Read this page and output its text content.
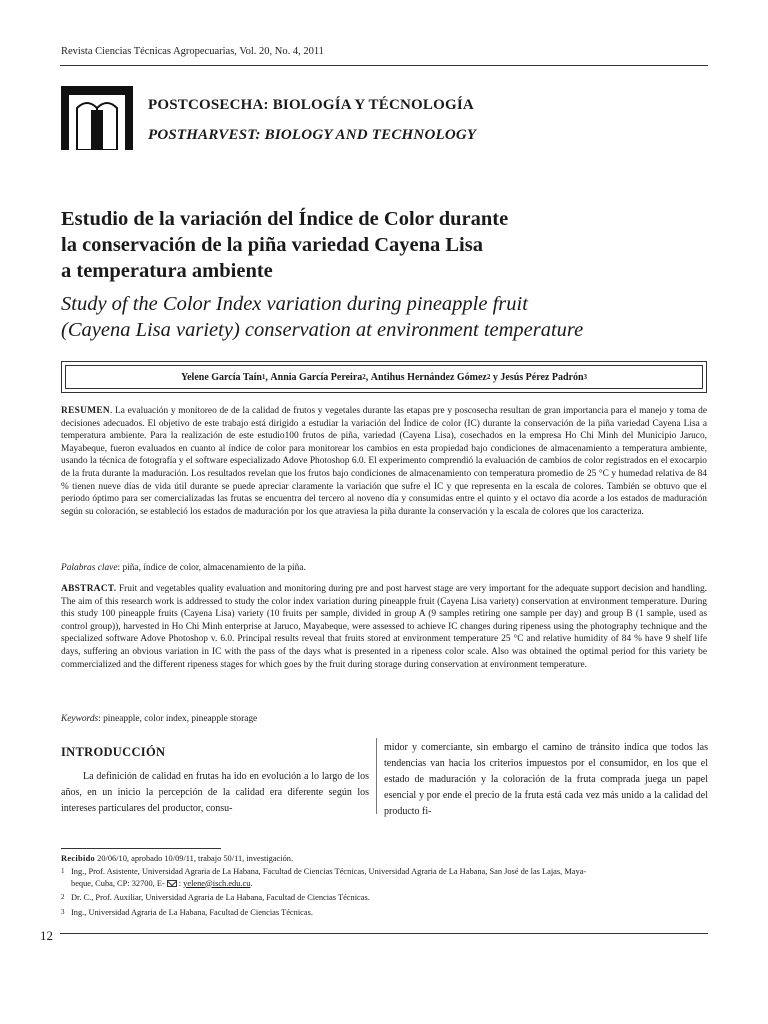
Revista Ciencias Técnicas Agropecuarias, Vol. 20, No. 4, 2011
POSTCOSECHA: BIOLOGÍA Y TÉCNOLOGÍA
POSTHARVEST: BIOLOGY AND TECHNOLOGY
Estudio de la variación del Índice de Color durante
la conservación de la piña variedad Cayena Lisa
a temperatura ambiente
Study of the Color Index variation during pineapple fruit
(Cayena Lisa variety) conservation at environment temperature
Yelene García Taín 1 , Annia García Pereira 2 , Antihus Hernández Gómez 2
y
Jesús Pérez Padrón 3
RESUMEN. La evaluación y monitoreo de de la calidad de frutos y vegetales durante las etapas pre y poscosecha resultan de gran importancia para el manejo y toma de decisiones adecuados. El objetivo de este trabajo está dirigido a estudiar la variación del Índice de color (IC) durante la conservación de la piña variedad Cayena Lisa a temperatura ambiente. Para la realización de este estudio100 frutos de piña, variedad (Cayena Lisa), cosechados en la empresa Ho Chi Minh del Municipio Jaruco, Mayabeque, fueron evaluados en cuanto al índice de color para monitorear los cambios en esta propiedad bajo condiciones de almacenamiento a temperatura ambiente, usando la técnica de fotografía y el software especializado Adove Photoshop 6.0. El experimento comprendió la evaluación de cambios de color registrados en el exocarpio de la fruta durante la maduración. Los resultados revelan que los frutos bajo condiciones de almacenamiento con temperatura promedio de 25 °C y humedad relativa de 84 % tienen nueve días de vida útil durante se puede apreciar claramente la variación que sufre el IC y que representa en la escala de colores. También se obtuvo que el período óptimo para ser comercializadas las frutas se encuentra del tercero al noveno día y consumidas entre el quinto y el octavo día acorde a los estados de maduración según su coloración, se estableció los estados de maduración por los que atraviesa la piña durante la conservación y la escala de colores que los caracteriza.
Palabras clave: piña, índice de color, almacenamiento de la piña.
ABSTRACT. Fruit and vegetables quality evaluation and monitoring during pre and post harvest stage are very important for the adequate support decision and handling. The aim of this research work is addressed to study the color index variation during pineapple fruit (Cayena Lisa variety) conservation at environment temperature. During this study 100 pineapple fruits (Cayena Lisa) variety (10 fruits per sample, divided in group A (9 samples retiring one sample per day) and group B (1 sample, used as control group)), harvested in Ho Chi Minh enterprise at Jaruco, Mayabeque, were assessed to achieve IC changes during ripeness using the photography technique and the specialized software Adove Photoshop v. 6.0. Principal results reveal that fruits stored at environment temperature 25 °C and relative humidity of 84 % have 9 shelf life days, suffering an obvious variation in IC with the pass of the days what is presented in a ripeness color scale. Also was obtained the optimal period for this variety be commercialized and the different ripeness stages for which goes by the fruit during storage during conservation at environment temperature.
Keywords: pineapple, color index, pineapple storage
INTRODUCCIÓN
La definición de calidad en frutas ha ido en evolución a lo largo de los años, en un inicio la percepción de la calidad era diferente según los intereses particulares del productor, consu-
midor y comerciante, sin embargo el camino de tránsito indica que todos las tendencias van hacia los criterios impuestos por el consumidor, en los que el estado de maduración y la coloración de la fruta comprada juega un papel esencial y por ende el precio de la fruta está cada vez más unido a la calidad del producto fi-
Recibido 20/06/10, aprobado 10/09/11, trabajo 50/11, investigación.
1 Ing., Prof. Asistente, Universidad Agraria de La Habana, Facultad de Ciencias Técnicas, Universidad Agraria de La Habana, San José de las Lajas, Maya-
beque, Cuba, CP: 32700, E- : yelene@isch.edu.cu.
2 Dr. C., Prof. Auxiliar, Universidad Agraria de La Habana, Facultad de Ciencias Técnicas.
3 Ing., Universidad Agraria de La Habana, Facultad de Ciencias Técnicas.
12
